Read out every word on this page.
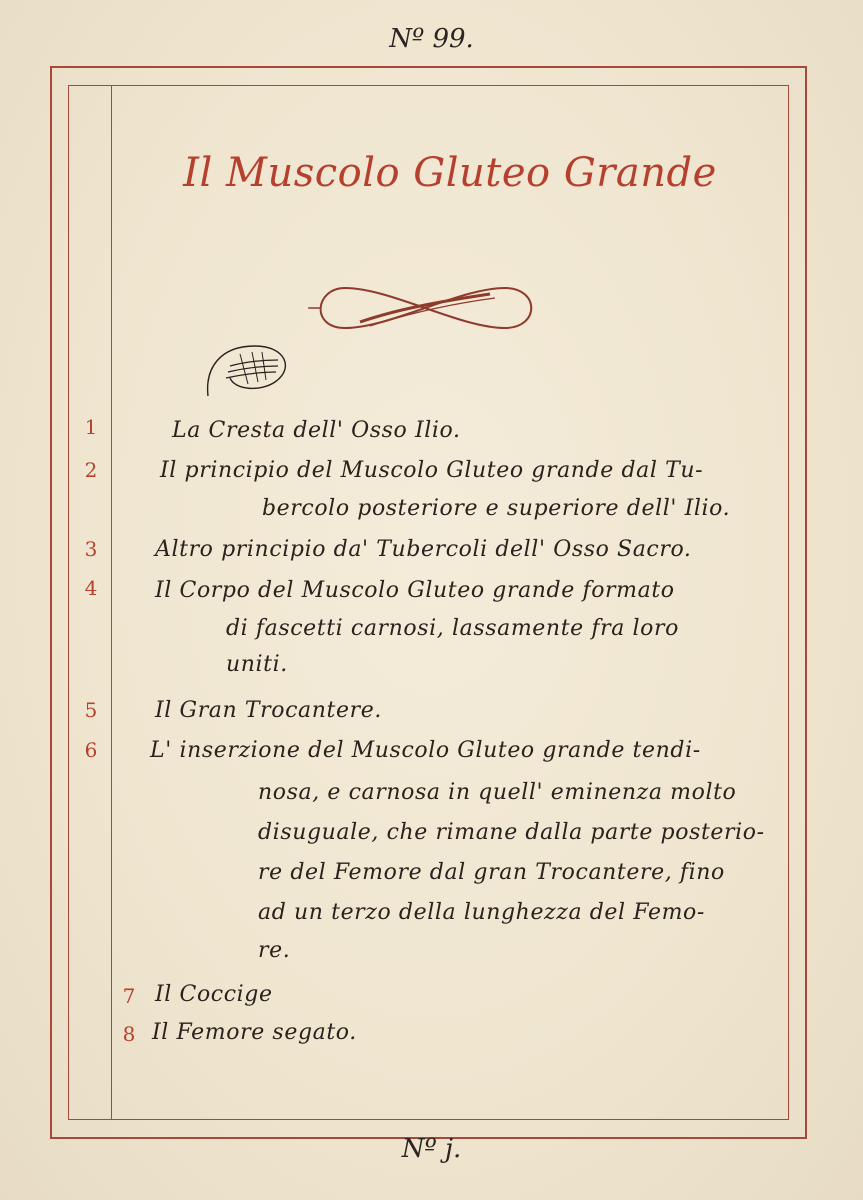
Nº 99.
Il Muscolo Gluteo Grande
1	La Cresta dell' Osso Ilio.
2	Il principio del Muscolo Gluteo grande dal Tu-
bercolo posteriore e superiore dell' Ilio.
3	Altro principio da' Tubercoli dell' Osso Sacro.
4	Il Corpo del Muscolo Gluteo grande formato
di fascetti carnosi, lassamente fra loro
uniti.
5	Il Gran Trocantere.
6	L' inserzione del Muscolo Gluteo grande tendi-
nosa, e carnosa in quell' eminenza molto
disuguale, che rimane dalla parte posterio-
re del Femore dal gran Trocantere, fino
ad un terzo della lunghezza del Femo-
re.
7 Il Coccige
8 Il Femore segato.
Nº j.
